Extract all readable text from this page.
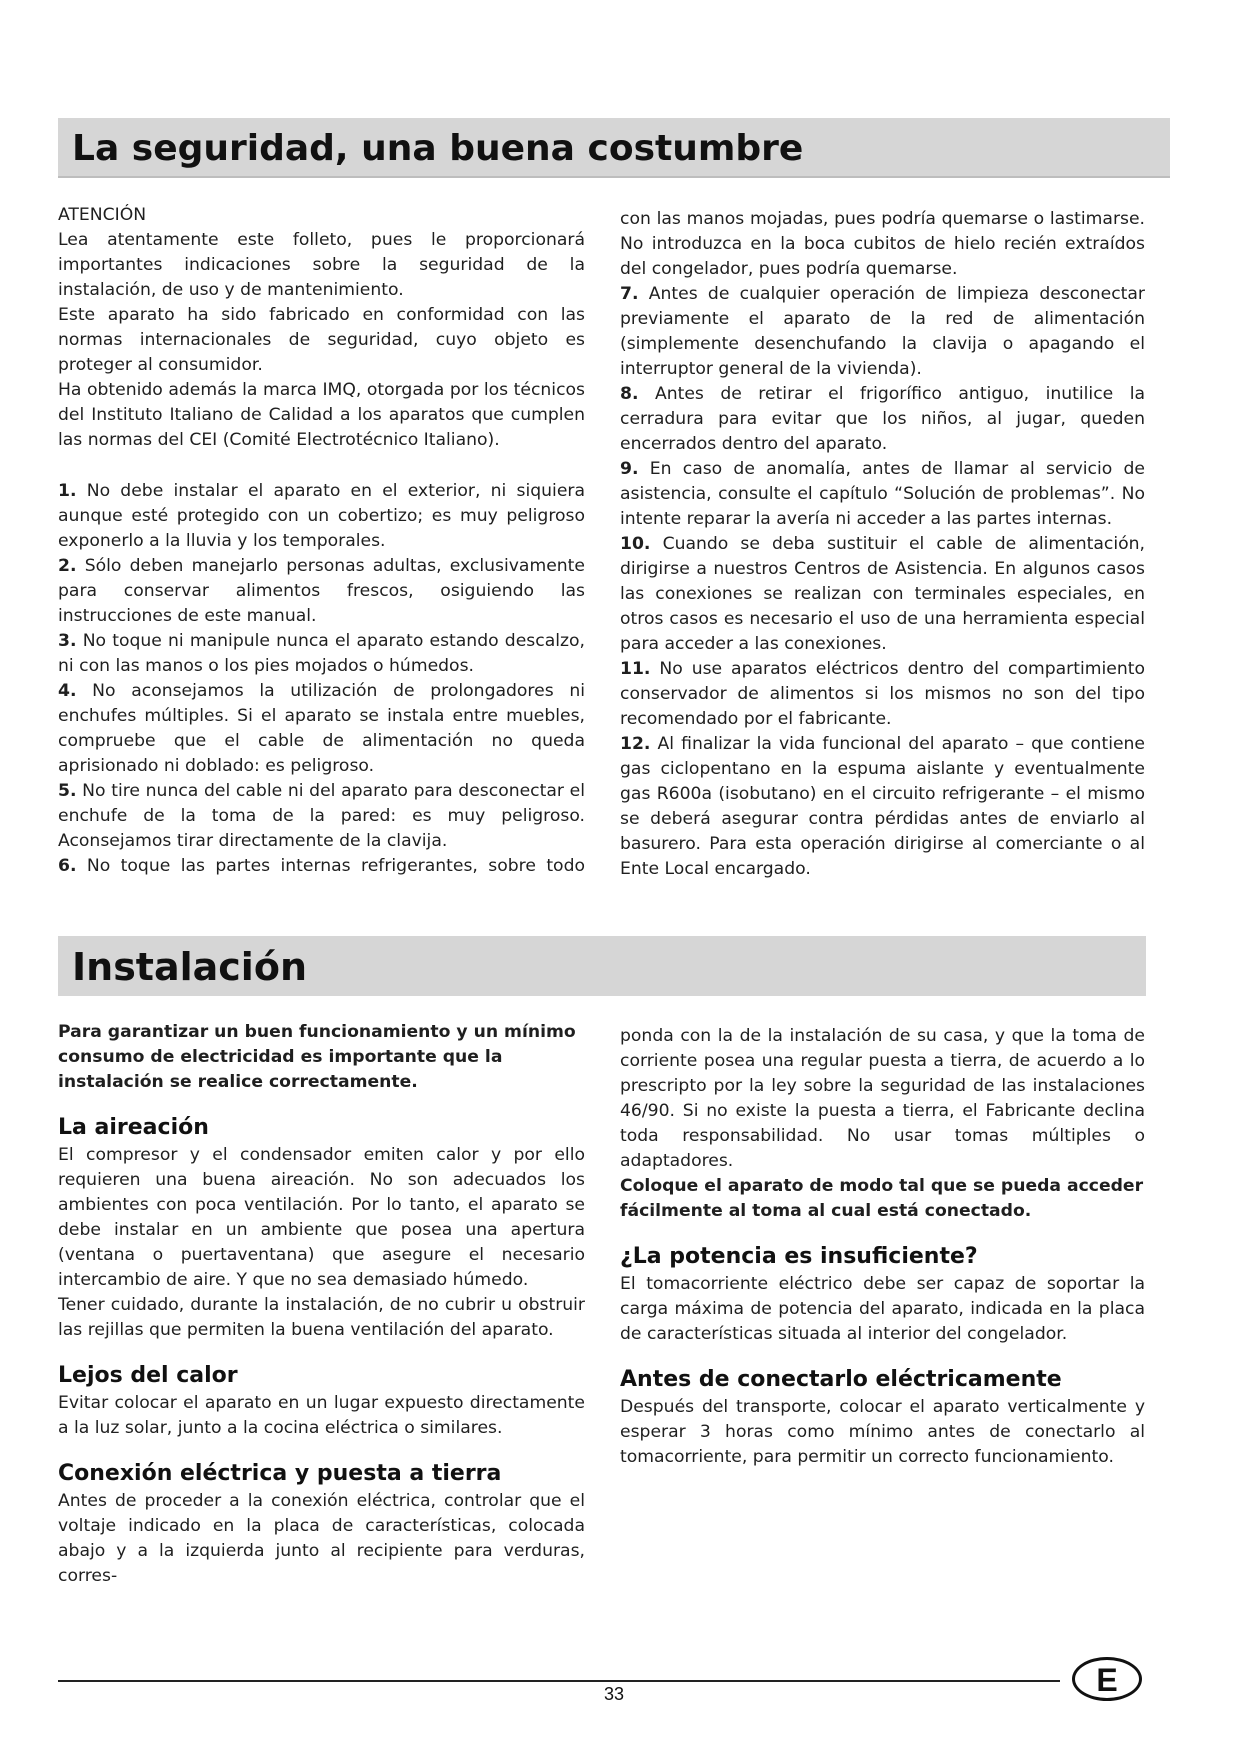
La seguridad, una buena costumbre

ATENCIÓN

Lea atentamente este folleto, pues le proporcionará importantes indicaciones sobre la seguridad de la instalación, de uso y de mantenimiento.

Este aparato ha sido fabricado en conformidad con las normas internacionales de seguridad, cuyo objeto es proteger al consumidor.

Ha obtenido además la marca IMQ, otorgada por los técnicos del Instituto Italiano de Calidad a los aparatos que cumplen las normas del CEI (Comité Electrotécnico Italiano).

1. No debe instalar el aparato en el exterior, ni siquiera aunque esté protegido con un cobertizo; es muy peligroso exponerlo a la lluvia y los temporales.

2. Sólo deben manejarlo personas adultas, exclusivamente para conservar alimentos frescos, osiguiendo las instrucciones de este manual.

3. No toque ni manipule nunca el aparato estando descalzo, ni con las manos o los pies mojados o húmedos.

4. No aconsejamos la utilización de prolongadores ni enchufes múltiples. Si el aparato se instala entre muebles, compruebe que el cable de alimentación no queda aprisionado ni doblado: es peligroso.

5. No tire nunca del cable ni del aparato para desconectar el enchufe de la toma de la pared: es muy peligroso. Aconsejamos tirar directamente de la clavija.

6. No toque las partes internas refrigerantes, sobre todo

con las manos mojadas, pues podría quemarse o lastimarse. No introduzca en la boca cubitos de hielo recién extraídos del congelador, pues podría quemarse.

7. Antes de cualquier operación de limpieza desconectar previamente el aparato de la red de alimentación (simplemente desenchufando la clavija o apagando el interruptor general de la vivienda).

8. Antes de retirar el frigorífico antiguo, inutilice la cerradura para evitar que los niños, al jugar, queden encerrados dentro del aparato.

9. En caso de anomalía, antes de llamar al servicio de asistencia, consulte el capítulo “Solución de problemas”. No intente reparar la avería ni acceder a las partes internas.

10. Cuando se deba sustituir el cable de alimentación, dirigirse a nuestros Centros de Asistencia. En algunos casos las conexiones se realizan con terminales especiales, en otros casos es necesario el uso de una herramienta especial para acceder a las conexiones.

11. No use aparatos eléctricos dentro del compartimiento conservador de alimentos si los mismos no son del tipo recomendado por el fabricante.

12. Al finalizar la vida funcional del aparato – que contiene gas ciclopentano en la espuma aislante y eventualmente gas R600a (isobutano) en el circuito refrigerante – el mismo se deberá asegurar contra pérdidas antes de enviarlo al basurero. Para esta operación dirigirse al comerciante o al Ente Local encargado.

Instalación

Para garantizar un buen funcionamiento y un mínimo consumo de electricidad es importante que la instalación se realice correctamente.

La aireación

El compresor y el condensador emiten calor y por ello requieren una buena aireación. No son adecuados los ambientes con poca ventilación. Por lo tanto, el aparato se debe instalar en un ambiente que posea una apertura (ventana o puertaventana) que asegure el necesario intercambio de aire. Y que no sea demasiado húmedo.

Tener cuidado, durante la instalación, de no cubrir u obstruir las rejillas que permiten la buena ventilación del aparato.

Lejos del calor

Evitar colocar el aparato en un lugar expuesto directamente a la luz solar, junto a la cocina eléctrica o similares.

Conexión eléctrica y puesta a tierra

Antes de proceder a la conexión eléctrica, controlar que el voltaje indicado en la placa de características, colocada abajo y a la izquierda junto al recipiente para verduras, corres-

ponda con la de la instalación de su casa, y que la toma de corriente posea una regular puesta a tierra, de acuerdo a lo prescripto por la ley sobre la seguridad de las instalaciones 46/90. Si no existe la puesta a tierra, el Fabricante declina toda responsabilidad. No usar tomas múltiples o adaptadores.

Coloque el aparato de modo tal que se pueda acceder fácilmente al toma al cual está conectado.

¿La potencia es insuficiente?

El tomacorriente eléctrico debe ser capaz de soportar la carga máxima de potencia del aparato, indicada en la placa de características situada al interior del congelador.

Antes de conectarlo eléctricamente

Después del transporte, colocar el aparato verticalmente y esperar 3 horas como mínimo antes de conectarlo al tomacorriente, para permitir un correcto funcionamiento.

33	E
